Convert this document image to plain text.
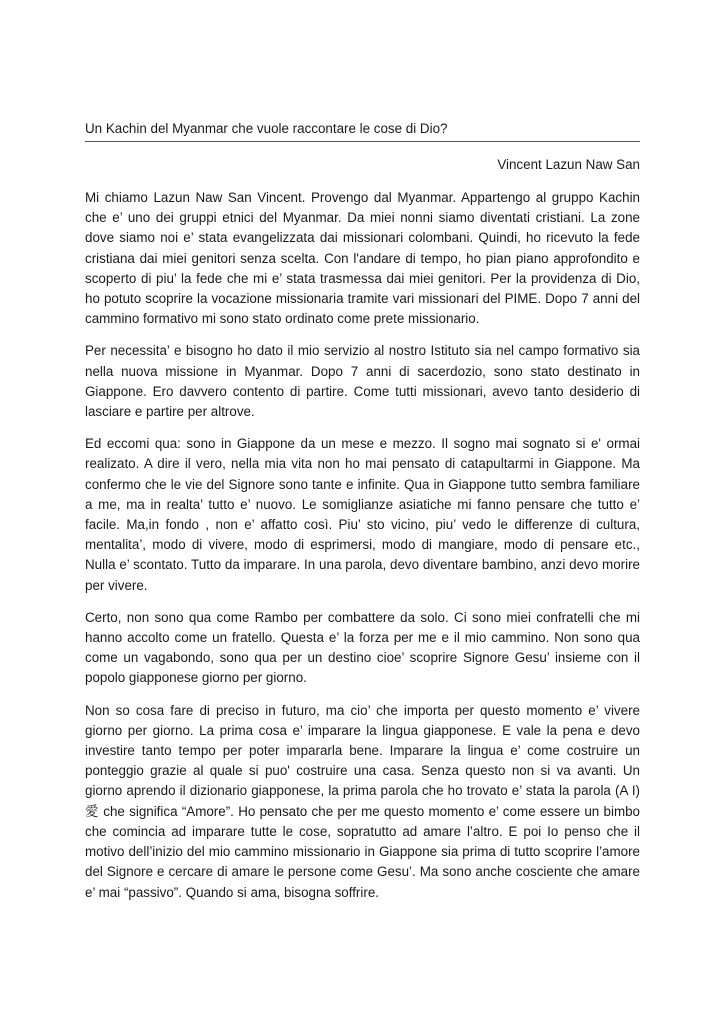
Un Kachin del Myanmar che vuole raccontare le cose di Dio?
Vincent Lazun Naw San

Mi chiamo Lazun Naw San Vincent. Provengo dal Myanmar. Appartengo al gruppo Kachin che e’ uno dei gruppi etnici del Myanmar. Da miei nonni siamo diventati cristiani. La zone dove siamo noi e’ stata evangelizzata dai missionari colombani. Quindi, ho ricevuto la fede cristiana dai miei genitori senza scelta. Con l'andare di tempo, ho pian piano approfondito e scoperto di piu’ la fede che mi e’ stata trasmessa dai miei genitori. Per la providenza di Dio, ho potuto scoprire la vocazione missionaria tramite vari missionari del PIME. Dopo 7 anni del cammino formativo mi sono stato ordinato come prete missionario.

Per necessita’ e bisogno ho dato il mio servizio al nostro Istituto sia nel campo formativo sia nella nuova missione in Myanmar. Dopo 7 anni di sacerdozio, sono stato destinato in Giappone. Ero davvero contento di partire. Come tutti missionari, avevo tanto desiderio di lasciare e partire per altrove.

Ed eccomi qua: sono in Giappone da un mese e mezzo. Il sogno mai sognato si e' ormai realizato. A dire il vero, nella mia vita non ho mai pensato di catapultarmi in Giappone. Ma confermo che le vie del Signore sono tante e infinite. Qua in Giappone tutto sembra familiare a me, ma in realta’ tutto e’ nuovo. Le somiglianze asiatiche mi fanno pensare che tutto e’ facile. Ma,in fondo , non e’ affatto così. Piu’ sto vicino, piu’ vedo le differenze di cultura, mentalita’, modo di vivere, modo di esprimersi, modo di mangiare, modo di pensare etc., Nulla e’ scontato. Tutto da imparare. In una parola, devo diventare bambino, anzi devo morire per vivere.

Certo, non sono qua come Rambo per combattere da solo. Ci sono miei confratelli che mi hanno accolto come un fratello. Questa e’ la forza per me e il mio cammino. Non sono qua come un vagabondo, sono qua per un destino cioe’ scoprire Signore Gesu’ insieme con il popolo giapponese giorno per giorno.

Non so cosa fare di preciso in futuro, ma cio’ che importa per questo momento e’ vivere giorno per giorno. La prima cosa e’ imparare la lingua giapponese. E vale la pena e devo investire tanto tempo per poter impararla bene. Imparare la lingua e’ come costruire un ponteggio grazie al quale si puo' costruire una casa. Senza questo non si va avanti. Un giorno aprendo il dizionario giapponese, la prima parola che ho trovato e’ stata la parola (A I) 愛 che significa “Amore”. Ho pensato che per me questo momento e’ come essere un bimbo che comincia ad imparare tutte le cose, sopratutto ad amare l’altro. E poi Io penso che il motivo dell’inizio del mio cammino missionario in Giappone sia prima di tutto scoprire l’amore del Signore e cercare di amare le persone come Gesu’. Ma sono anche cosciente che amare e’ mai “passivo”. Quando si ama, bisogna soffrire.
